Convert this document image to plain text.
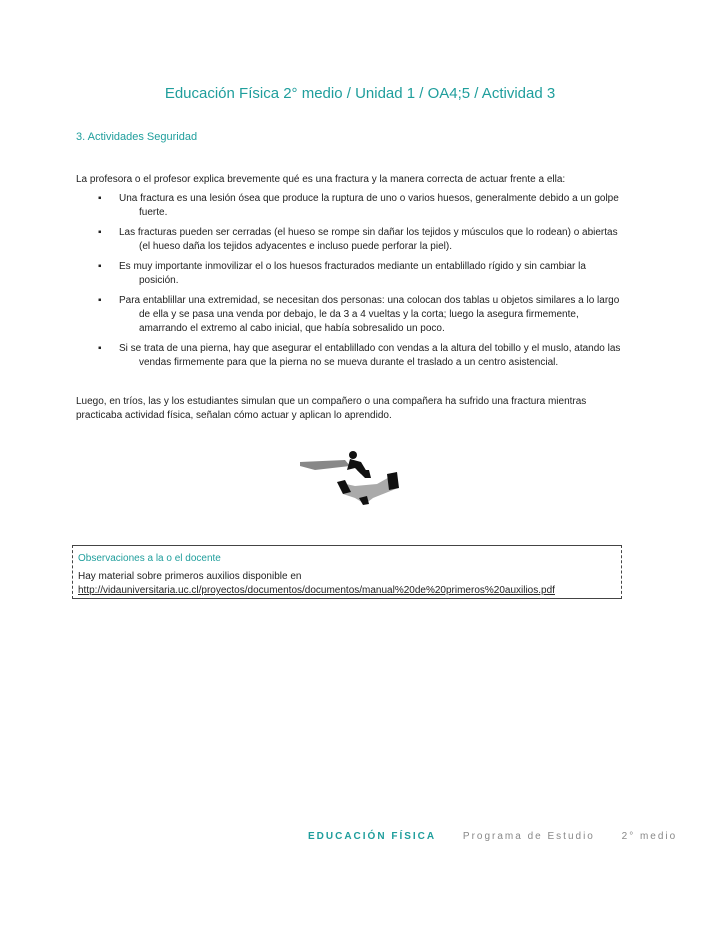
Educación Física 2° medio / Unidad 1 / OA4;5 / Actividad 3
3. Actividades Seguridad
La profesora o el profesor explica brevemente qué es una fractura y la manera correcta de actuar frente a ella:
▪ Una fractura es una lesión ósea que produce la ruptura de uno o varios huesos, generalmente debido a un golpe fuerte.
▪ Las fracturas pueden ser cerradas (el hueso se rompe sin dañar los tejidos y músculos que lo rodean) o abiertas (el hueso daña los tejidos adyacentes e incluso puede perforar la piel).
▪ Es muy importante inmovilizar el o los huesos fracturados mediante un entablillado rígido y sin cambiar la posición.
▪ Para entablillar una extremidad, se necesitan dos personas: una colocan dos tablas u objetos similares a lo largo de ella y se pasa una venda por debajo, le da 3 a 4 vueltas y la corta; luego la asegura firmemente, amarrando el extremo al cabo inicial, que había sobresalido un poco.
▪ Si se trata de una pierna, hay que asegurar el entablillado con vendas a la altura del tobillo y el muslo, atando las vendas firmemente para que la pierna no se mueva durante el traslado a un centro asistencial.
Luego, en tríos, las y los estudiantes simulan que un compañero o una compañera ha sufrido una fractura mientras practicaba actividad física, señalan cómo actuar y aplican lo aprendido.
Observaciones a la o el docente
Hay material sobre primeros auxilios disponible en
http://vidauniversitaria.uc.cl/proyectos/documentos/documentos/manual%20de%20primeros%20auxilios.pdf
EDUCACIÓN FÍSICA	Programa de Estudio	2° medio
